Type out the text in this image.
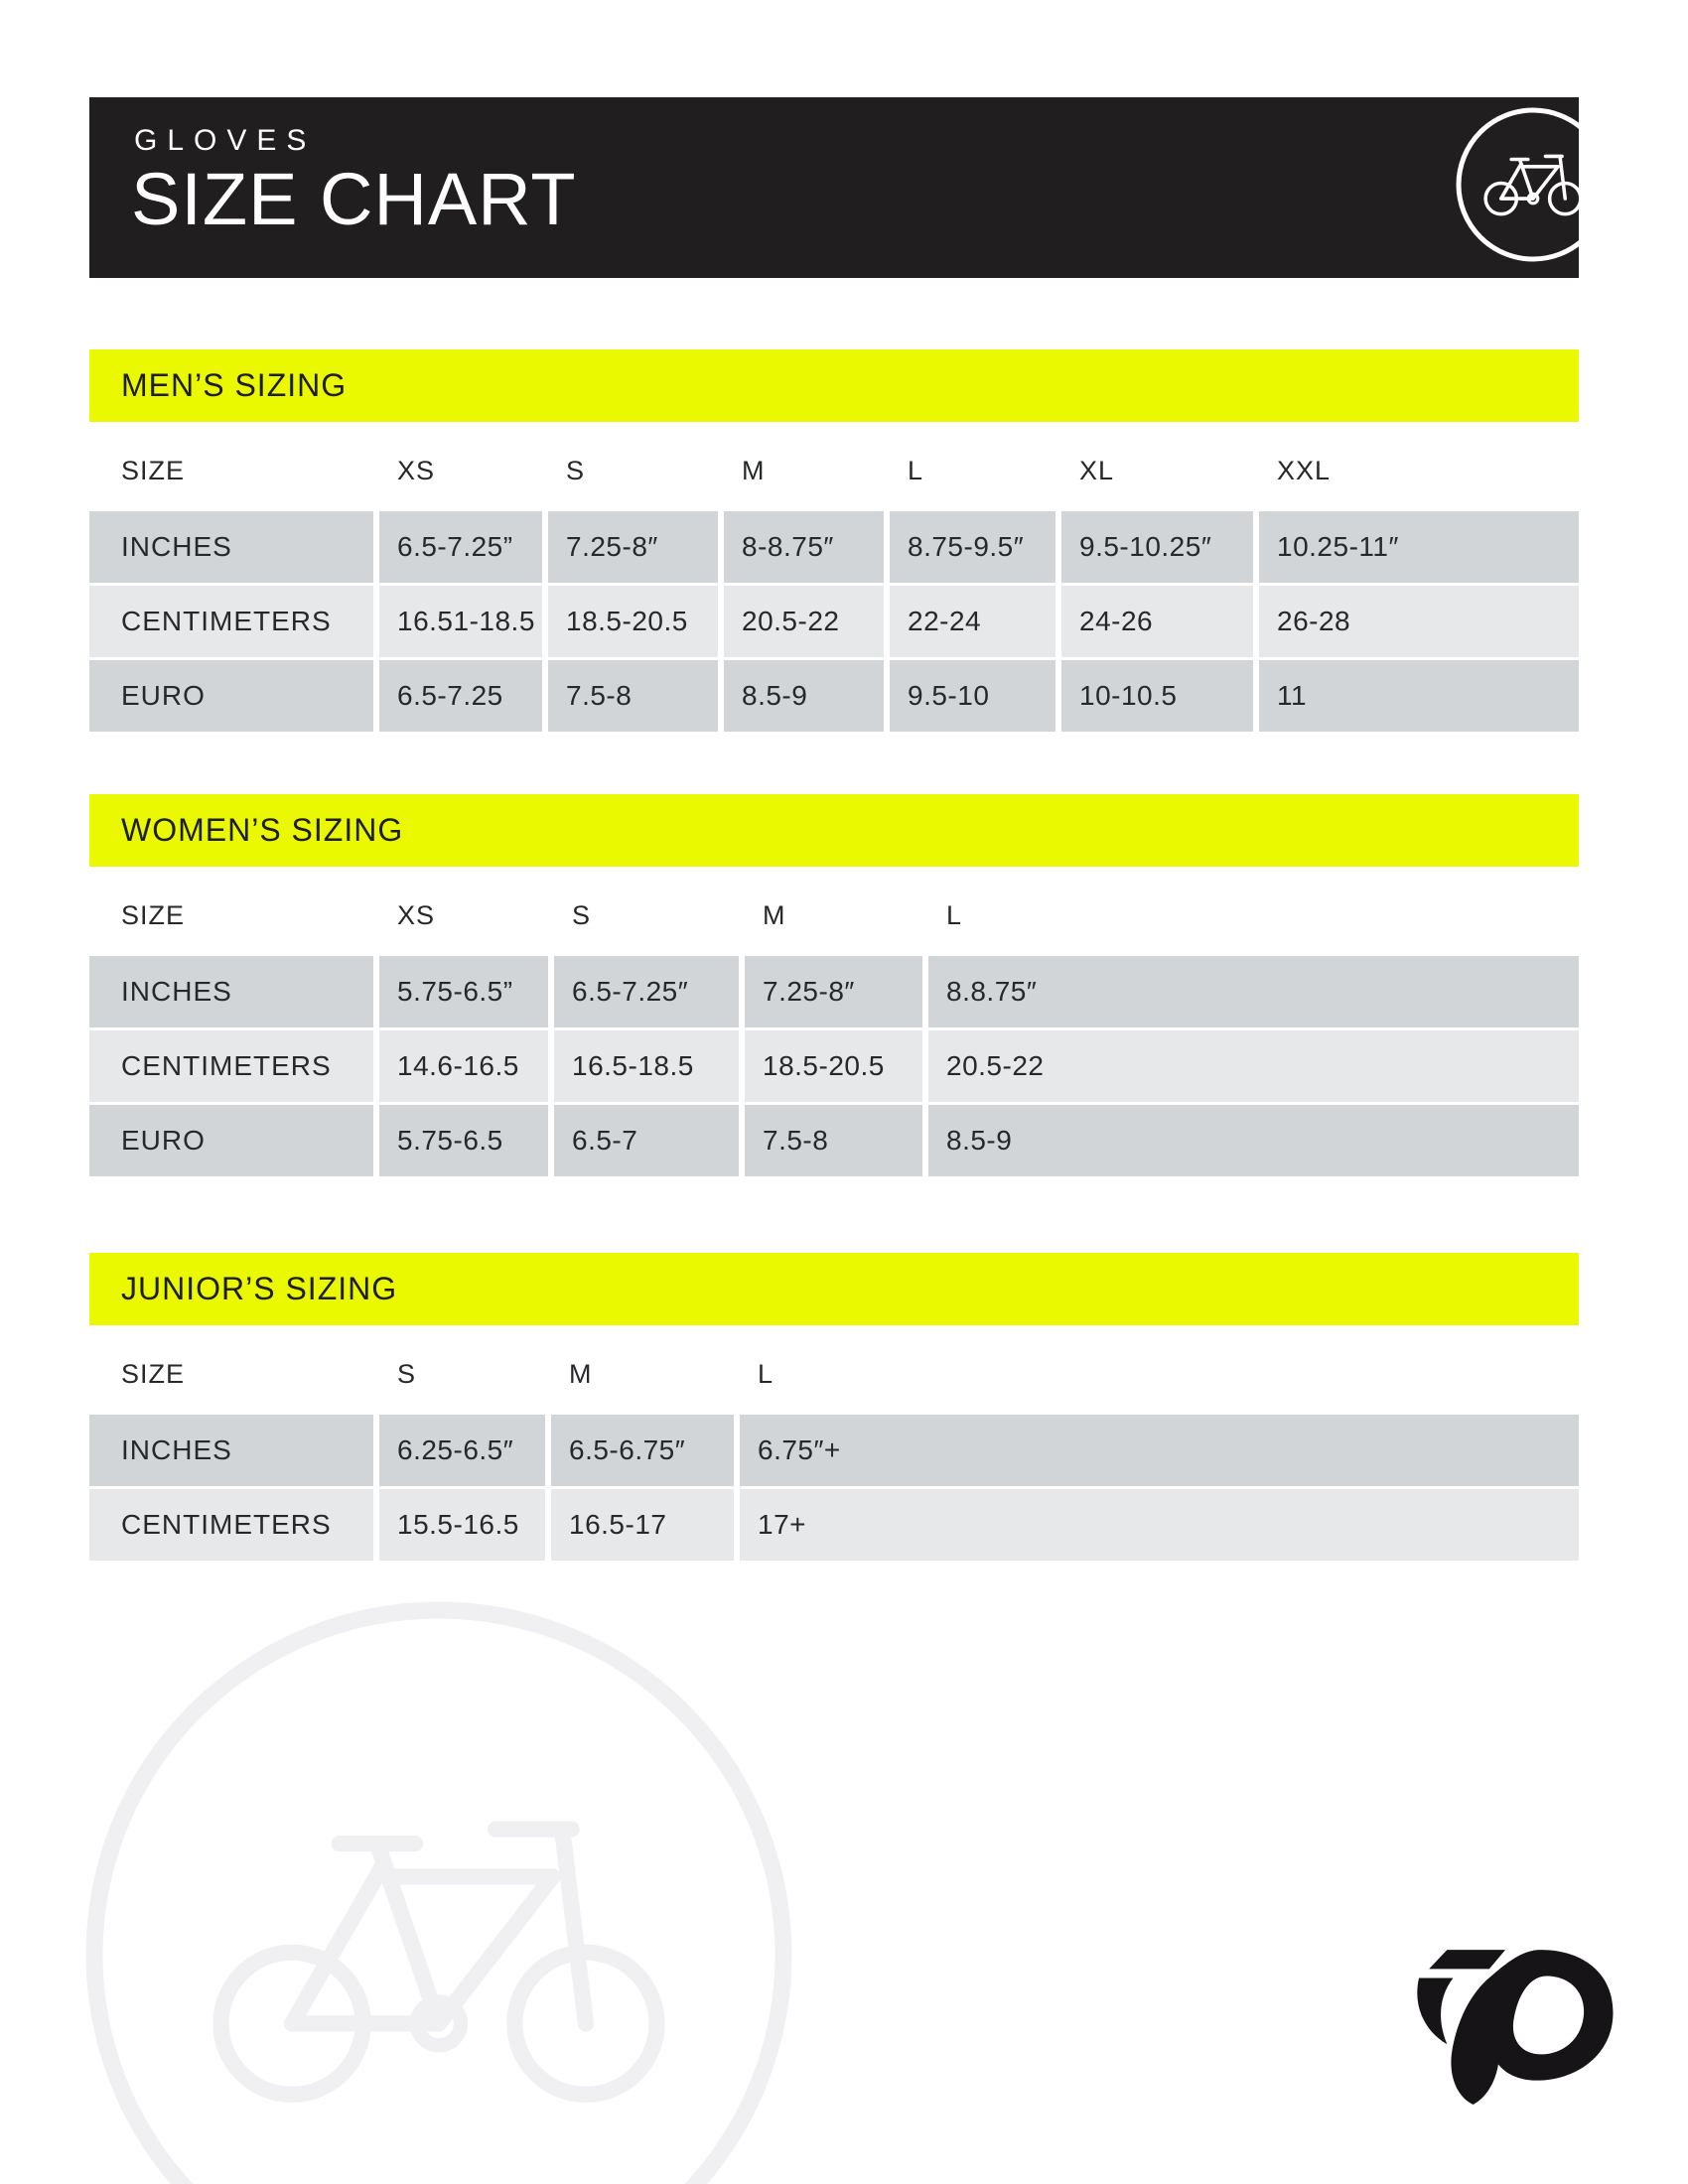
GLOVES
SIZE CHART
MEN’S SIZING
SIZE	XS	S	M	L	XL	XXL
INCHES	6.5-7.25”	7.25-8″	8-8.75″	8.75-9.5″	9.5-10.25″	10.25-11″
CENTIMETERS	16.51-18.5	18.5-20.5	20.5-22	22-24	24-26	26-28
EURO	6.5-7.25	7.5-8	8.5-9	9.5-10	10-10.5	11
WOMEN’S SIZING
SIZE	XS	S	M	L
INCHES	5.75-6.5”	6.5-7.25″	7.25-8″	8.8.75″
CENTIMETERS	14.6-16.5	16.5-18.5	18.5-20.5	20.5-22
EURO	5.75-6.5	6.5-7	7.5-8	8.5-9
JUNIOR’S SIZING
SIZE	S	M	L
INCHES	6.25-6.5″	6.5-6.75″	6.75″+
CENTIMETERS	15.5-16.5	16.5-17	17+
